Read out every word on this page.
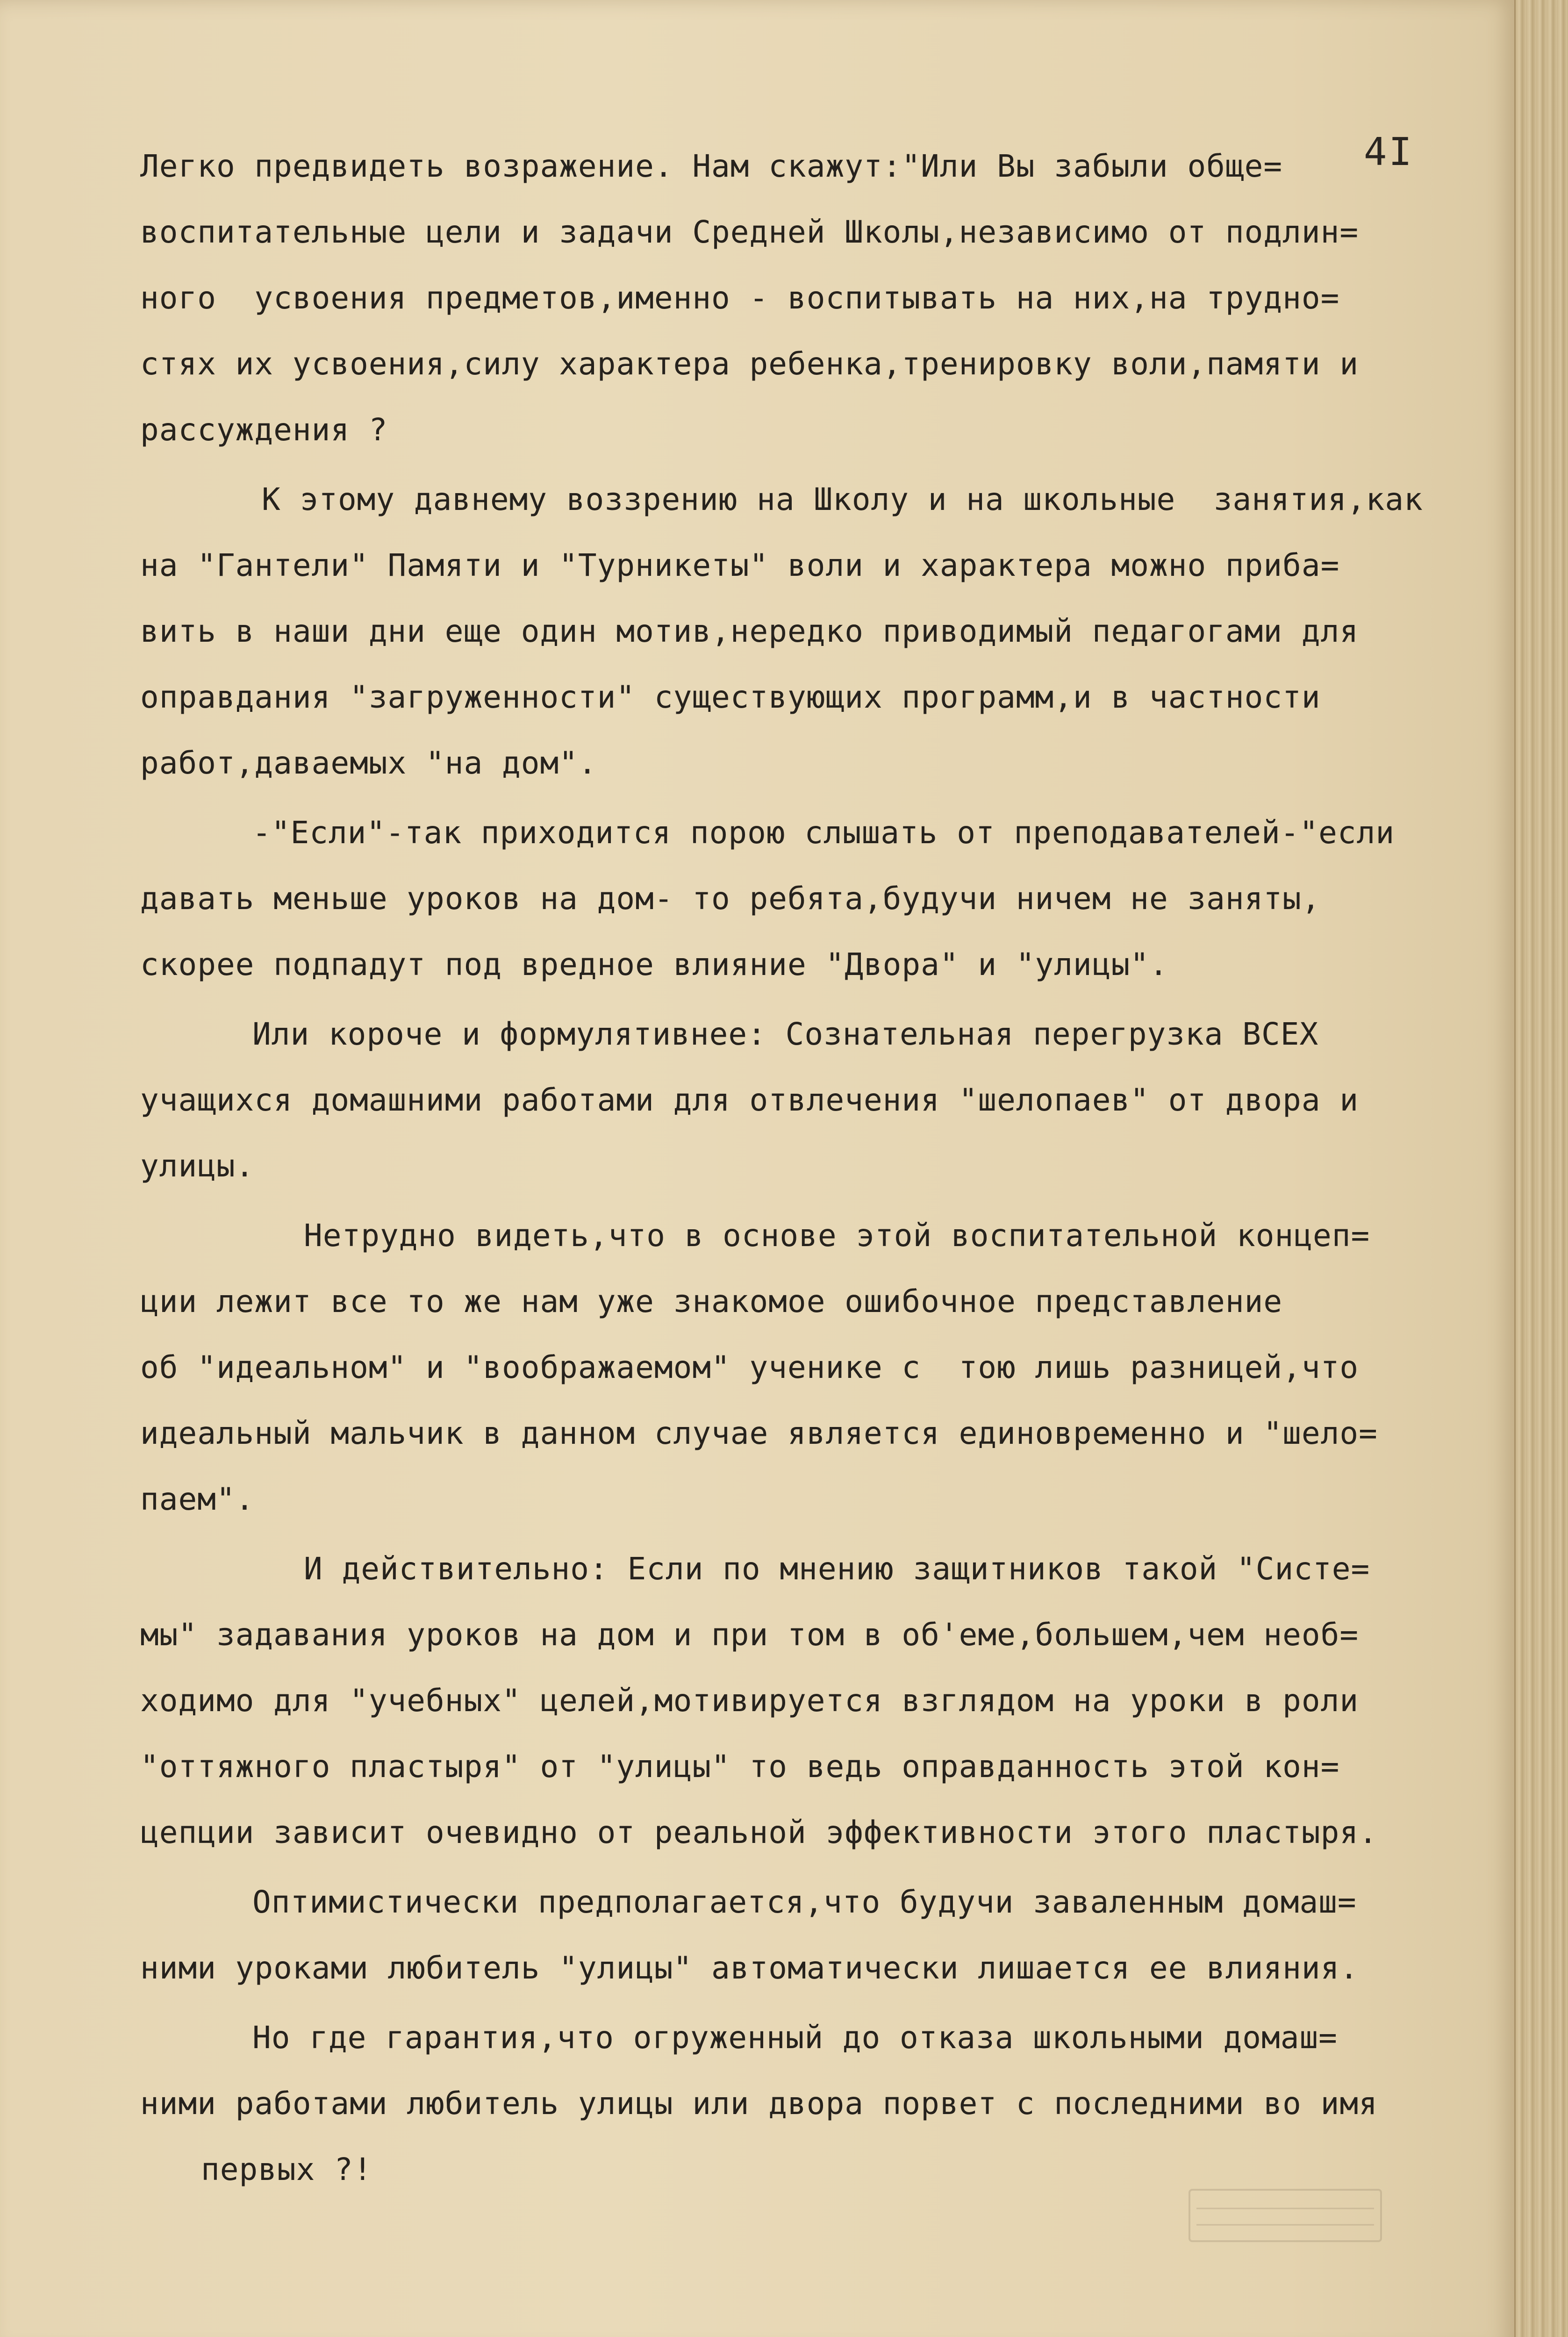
4I
Легко предвидеть возражение. Нам скажут:"Или Вы забыли обще=
воспитательные цели и задачи Средней Школы,независимо от подлин=
ного  усвоения предметов,именно - воспитывать на них,на трудно=
стях их усвоения,силу характера ребенка,тренировку воли,памяти и
рассуждения ?
К этому давнему воззрению на Школу и на школьные  занятия,как
на "Гантели" Памяти и "Турникеты" воли и характера можно приба=
вить в наши дни еще один мотив,нередко приводимый педагогами для
оправдания "загруженности" существующих программ,и в частности
работ,даваемых "на дом".
-"Если"-так приходится порою слышать от преподавателей-"если
давать меньше уроков на дом- то ребята,будучи ничем не заняты,
скорее подпадут под вредное влияние "Двора" и "улицы".
Или короче и формулятивнее: Сознательная перегрузка ВСЕХ
учащихся домашними работами для отвлечения "шелопаев" от двора и
улицы.
Нетрудно видеть,что в основе этой воспитательной концеп=
ции лежит все то же нам уже знакомое ошибочное представление
об "идеальном" и "воображаемом" ученике с  тою лишь разницей,что
идеальный мальчик в данном случае является единовременно и "шело=
паем".
И действительно: Если по мнению защитников такой "Систе=
мы" задавания уроков на дом и при том в об'еме,большем,чем необ=
ходимо для "учебных" целей,мотивируется взглядом на уроки в роли
"оттяжного пластыря" от "улицы" то ведь оправданность этой кон=
цепции зависит очевидно от реальной эффективности этого пластыря.
Оптимистически предполагается,что будучи заваленным домаш=
ними уроками любитель "улицы" автоматически лишается ее влияния.
Но где гарантия,что огруженный до отказа школьными домаш=
ними работами любитель улицы или двора порвет с последними во имя
первых ?!
